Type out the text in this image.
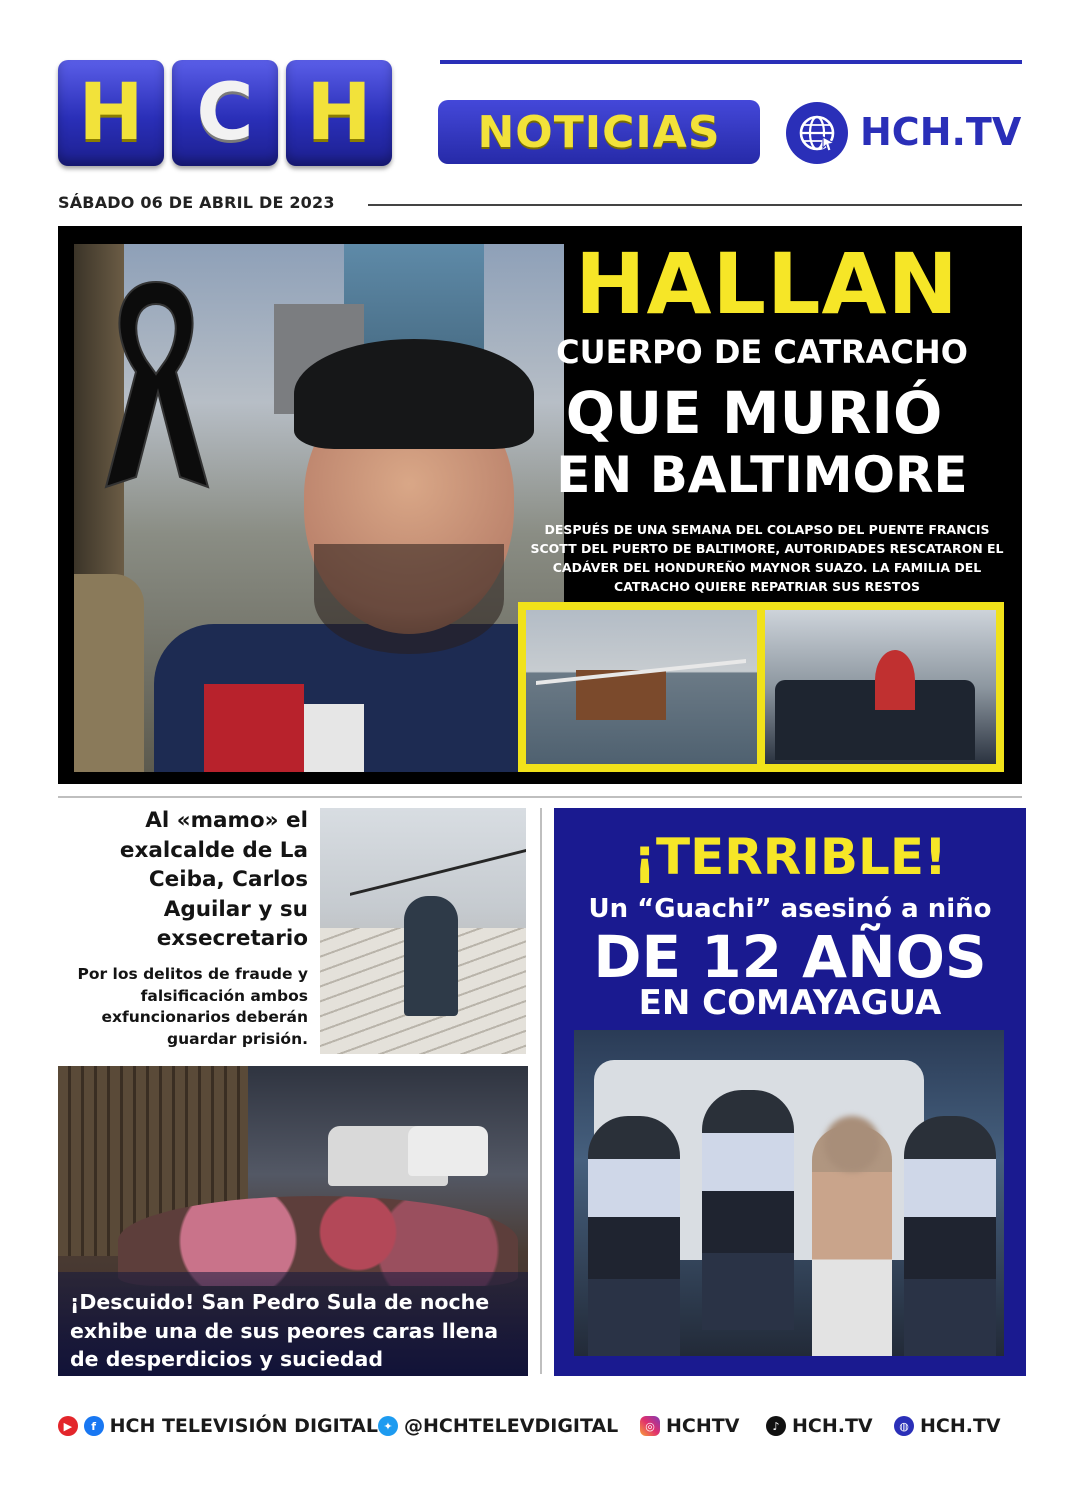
H C H	NOTICIAS	HCH.TV
SÁBADO 06 DE ABRIL DE 2023
HALLAN
CUERPO DE CATRACHO
QUE MURIÓ
EN BALTIMORE
DESPUÉS DE UNA SEMANA DEL COLAPSO DEL PUENTE FRANCIS SCOTT DEL PUERTO DE BALTIMORE, AUTORIDADES RESCATARON EL CADÁVER DEL HONDUREÑO MAYNOR SUAZO. LA FAMILIA DEL CATRACHO QUIERE REPATRIAR SUS RESTOS
Al «mamo» el exalcalde de La Ceiba, Carlos Aguilar y su exsecretario
Por los delitos de fraude y falsificación ambos exfuncionarios deberán guardar prisión.
¡Descuido! San Pedro Sula de noche exhibe una de sus peores caras llena de desperdicios y suciedad
¡TERRIBLE!
Un “Guachi” asesinó a niño
DE 12 AÑOS
EN COMAYAGUA
▶	f HCH TELEVISIÓN DIGITAL ✦ @HCHTELEVDIGITAL	◎ HCHTV	♪ HCH.TV	◍ HCH.TV
